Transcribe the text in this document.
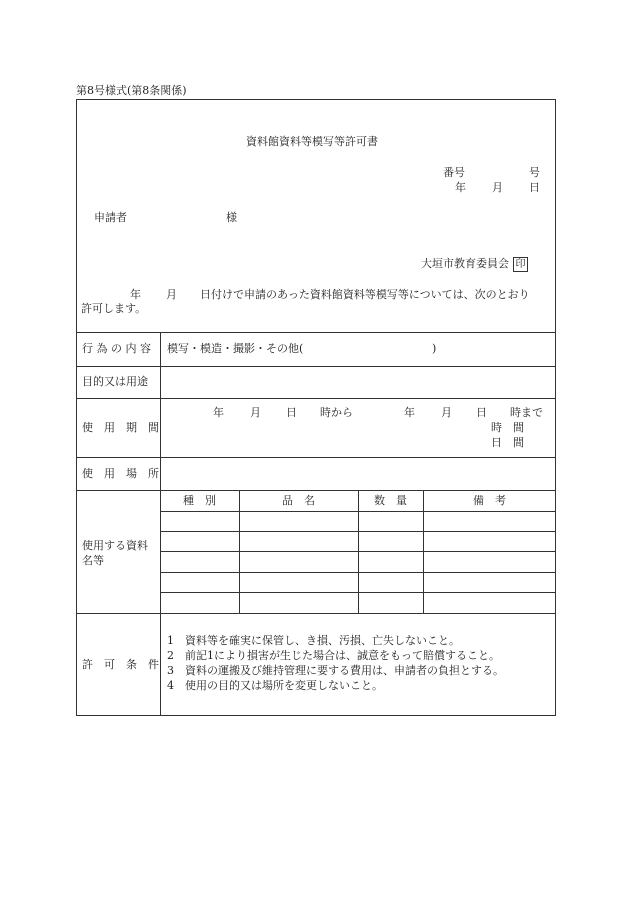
第8号様式(第8条関係)
資料館資料等模写等許可書
番号	号
年 月 日
申請者	様
大垣市教育委員会 印
年 月 日付けで申請のあった資料館資料等模写等については、次のとおり
許可します。
行 為 の 内 容 模写・模造・撮影・その他(	)
目的又は用途
使　用　期　間
年 月 日 時から	年 月 日 時まで
時　間
日　間
使　用　場　所
使用する資料名等
種　別	品　名	数　量	備　考
許　可　条　件
1　資料等を確実に保管し、き損、汚損、亡失しないこと。
2　前記1により損害が生じた場合は、誠意をもって賠償すること。
3　資料の運搬及び維持管理に要する費用は、申請者の負担とする。
4　使用の目的又は場所を変更しないこと。
